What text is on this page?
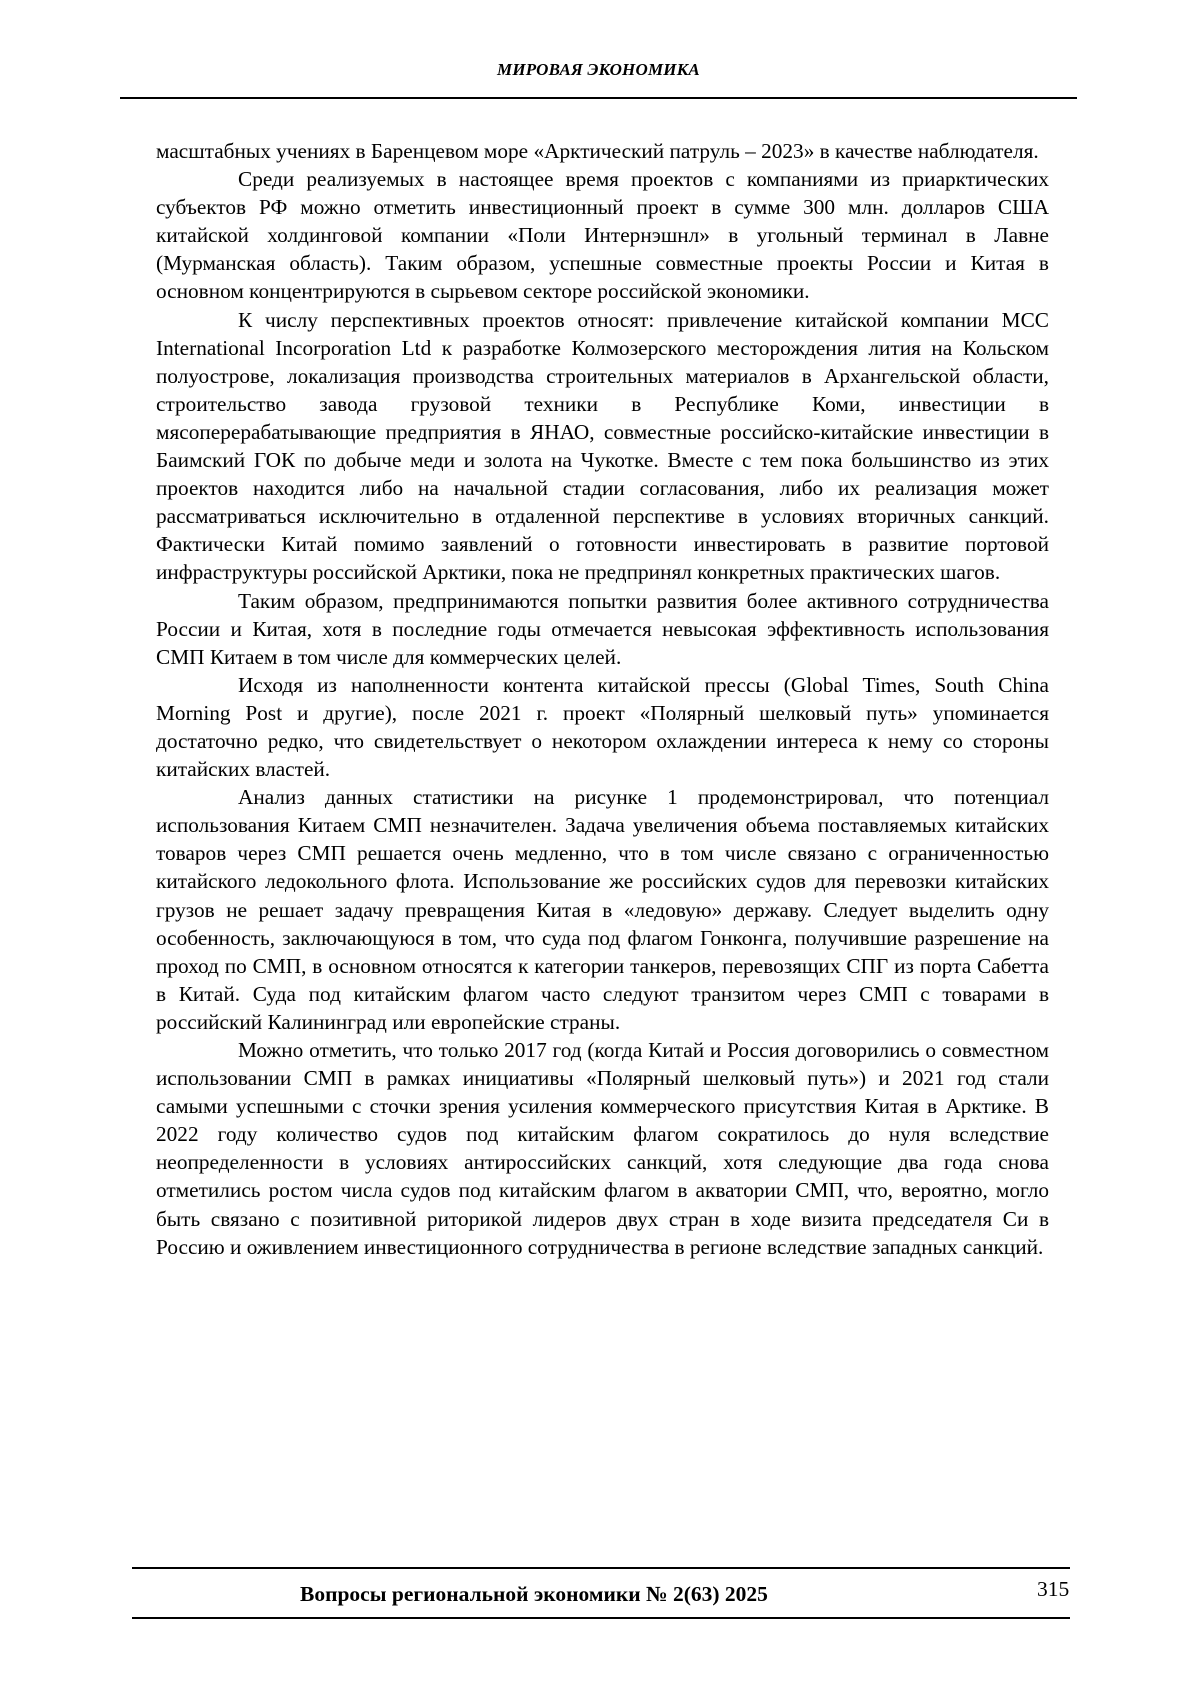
МИРОВАЯ ЭКОНОМИКА

масштабных учениях в Баренцевом море «Арктический патруль – 2023» в качестве наблюдателя.

Среди реализуемых в настоящее время проектов с компаниями из приарктических субъектов РФ можно отметить инвестиционный проект в сумме 300 млн. долларов США китайской холдинговой компании «Поли Интернэшнл» в угольный терминал в Лавне (Мурманская область). Таким образом, успешные совместные проекты России и Китая в основном концентрируются в сырьевом секторе российской экономики.

К числу перспективных проектов относят: привлечение китайской компании MCC International Incorporation Ltd к разработке Колмозерского месторождения лития на Кольском полуострове, локализация производства строительных материалов в Архангельской области, строительство завода грузовой техники в Республике Коми, инвестиции в мясоперерабатывающие предприятия в ЯНАО, совместные российско-китайские инвестиции в Баимский ГОК по добыче меди и золота на Чукотке. Вместе с тем пока большинство из этих проектов находится либо на начальной стадии согласования, либо их реализация может рассматриваться исключительно в отдаленной перспективе в условиях вторичных санкций. Фактически Китай помимо заявлений о готовности инвестировать в развитие портовой инфраструктуры российской Арктики, пока не предпринял конкретных практических шагов.

Таким образом, предпринимаются попытки развития более активного сотрудничества России и Китая, хотя в последние годы отмечается невысокая эффективность использования СМП Китаем в том числе для коммерческих целей.

Исходя из наполненности контента китайской прессы (Global Times, South China Morning Post и другие), после 2021 г. проект «Полярный шелковый путь» упоминается достаточно редко, что свидетельствует о некотором охлаждении интереса к нему со стороны китайских властей.

Анализ данных статистики на рисунке 1 продемонстрировал, что потенциал использования Китаем СМП незначителен. Задача увеличения объема поставляемых китайских товаров через СМП решается очень медленно, что в том числе связано с ограниченностью китайского ледокольного флота. Использование же российских судов для перевозки китайских грузов не решает задачу превращения Китая в «ледовую» державу. Следует выделить одну особенность, заключающуюся в том, что суда под флагом Гонконга, получившие разрешение на проход по СМП, в основном относятся к категории танкеров, перевозящих СПГ из порта Сабетта в Китай. Суда под китайским флагом часто следуют транзитом через СМП с товарами в российский Калининград или европейские страны.

Можно отметить, что только 2017 год (когда Китай и Россия договорились о совместном использовании СМП в рамках инициативы «Полярный шелковый путь») и 2021 год стали самыми успешными с сточки зрения усиления коммерческого присутствия Китая в Арктике. В 2022 году количество судов под китайским флагом сократилось до нуля вследствие неопределенности в условиях антироссийских санкций, хотя следующие два года снова отметились ростом числа судов под китайским флагом в акватории СМП, что, вероятно, могло быть связано с позитивной риторикой лидеров двух стран в ходе визита председателя Си в Россию и оживлением инвестиционного сотрудничества в регионе вследствие западных санкций.

Вопросы региональной экономики № 2(63) 2025	315
